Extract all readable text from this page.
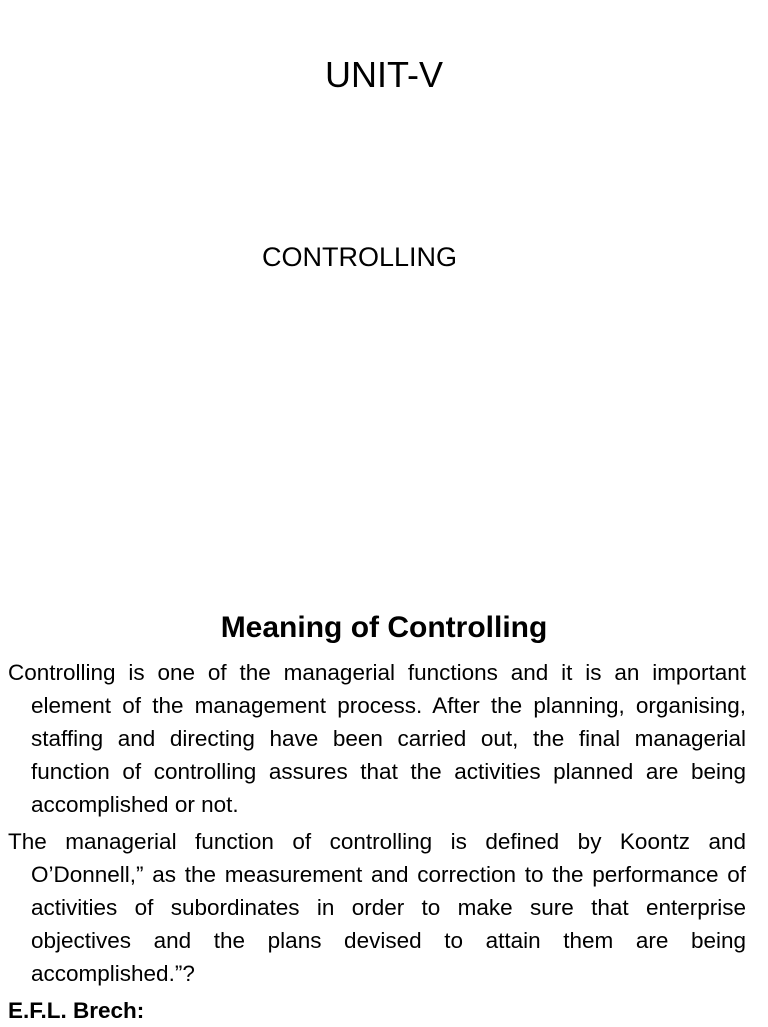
UNIT-V
CONTROLLING
Meaning of Controlling

Controlling is one of the managerial functions and it is an important element of the management process. After the planning, organising, staffing and directing have been carried out, the final managerial function of controlling assures that the activities planned are being accomplished or not.

The managerial function of controlling is defined by Koontz and O’Donnell,” as the measurement and correction to the performance of activities of subordinates in order to make sure that enterprise objectives and the plans devised to attain them are being accomplished.”?

E.F.L. Brech:
